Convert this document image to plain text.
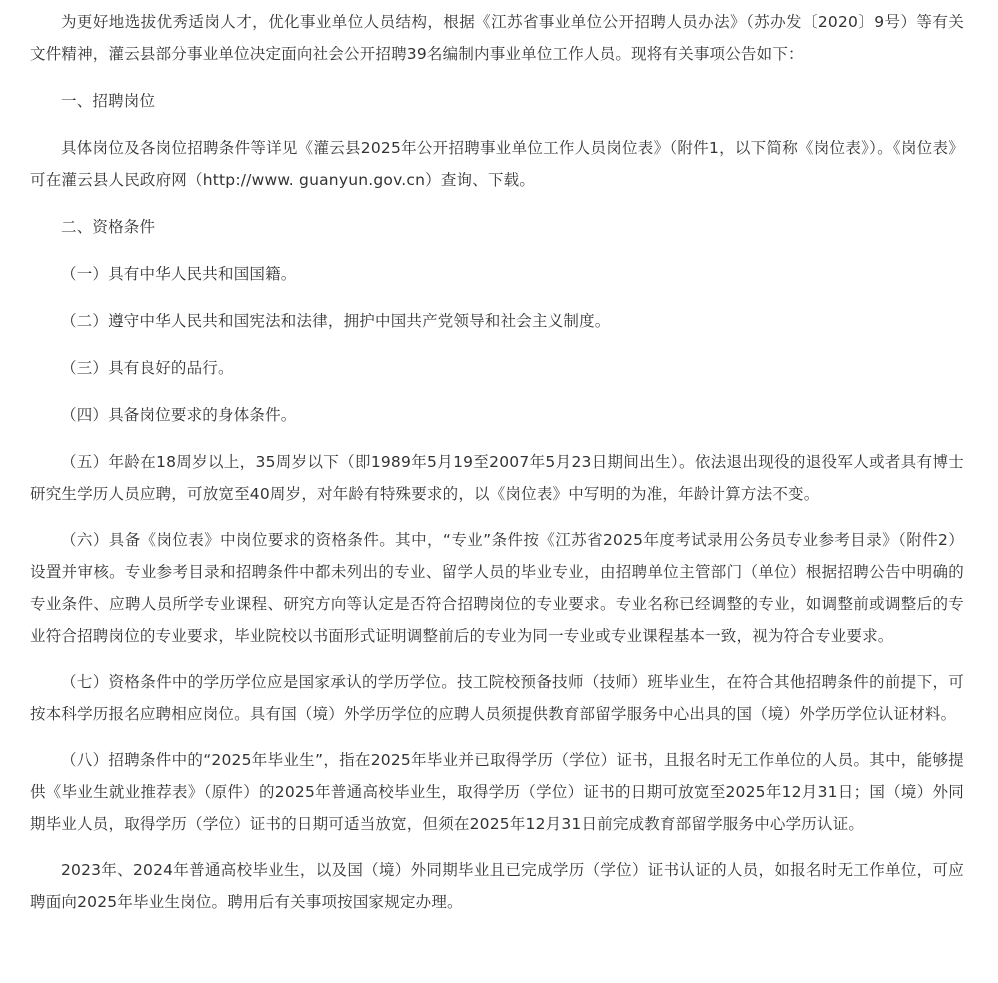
为更好地选拔优秀适岗人才，优化事业单位人员结构，根据《江苏省事业单位公开招聘人员办法》（苏办发〔2020〕9号）等有关文件精神，灌云县部分事业单位决定面向社会公开招聘39名编制内事业单位工作人员。现将有关事项公告如下：

一、招聘岗位

具体岗位及各岗位招聘条件等详见《灌云县2025年公开招聘事业单位工作人员岗位表》（附件1，以下简称《岗位表》）。《岗位表》可在灌云县人民政府网（http://www. guanyun.gov.cn）查询、下载。

二、资格条件

（一）具有中华人民共和国国籍。

（二）遵守中华人民共和国宪法和法律，拥护中国共产党领导和社会主义制度。

（三）具有良好的品行。

（四）具备岗位要求的身体条件。

（五）年龄在18周岁以上，35周岁以下（即1989年5月19至2007年5月23日期间出生）。依法退出现役的退役军人或者具有博士研究生学历人员应聘，可放宽至40周岁，对年龄有特殊要求的，以《岗位表》中写明的为准，年龄计算方法不变。

（六）具备《岗位表》中岗位要求的资格条件。其中，“专业”条件按《江苏省2025年度考试录用公务员专业参考目录》（附件2）设置并审核。专业参考目录和招聘条件中都未列出的专业、留学人员的毕业专业，由招聘单位主管部门（单位）根据招聘公告中明确的专业条件、应聘人员所学专业课程、研究方向等认定是否符合招聘岗位的专业要求。专业名称已经调整的专业，如调整前或调整后的专业符合招聘岗位的专业要求，毕业院校以书面形式证明调整前后的专业为同一专业或专业课程基本一致，视为符合专业要求。

（七）资格条件中的学历学位应是国家承认的学历学位。技工院校预备技师（技师）班毕业生，在符合其他招聘条件的前提下，可按本科学历报名应聘相应岗位。具有国（境）外学历学位的应聘人员须提供教育部留学服务中心出具的国（境）外学历学位认证材料。

（八）招聘条件中的“2025年毕业生”，指在2025年毕业并已取得学历（学位）证书，且报名时无工作单位的人员。其中，能够提供《毕业生就业推荐表》（原件）的2025年普通高校毕业生，取得学历（学位）证书的日期可放宽至2025年12月31日；国（境）外同期毕业人员，取得学历（学位）证书的日期可适当放宽，但须在2025年12月31日前完成教育部留学服务中心学历认证。

2023年、2024年普通高校毕业生，以及国（境）外同期毕业且已完成学历（学位）证书认证的人员，如报名时无工作单位，可应聘面向2025年毕业生岗位。聘用后有关事项按国家规定办理。
